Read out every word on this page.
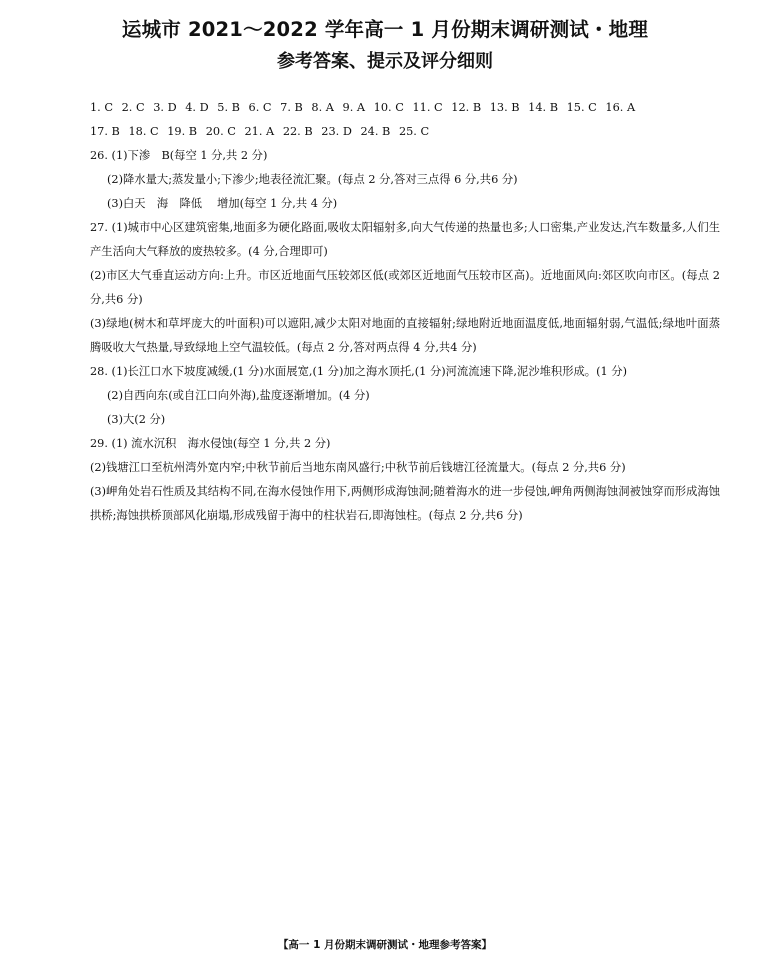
运城市 2021～2022 学年高一 1 月份期末调研测试・地理
参考答案、提示及评分细则
1. C 2. C 3. D 4. D 5. B 6. C 7. B 8. A 9. A 10. C 11. C 12. B 13. B 14. B 15. C 16. A
17. B 18. C 19. B 20. C 21. A 22. B 23. D 24. B 25. C

26. (1)下渗　B(每空 1 分,共 2 分)

(2)降水量大;蒸发量小;下渗少;地表径流汇聚。(每点 2 分,答对三点得 6 分,共6 分)

(3)白天　海　降低　 增加(每空 1 分,共 4 分)

27. (1)城市中心区建筑密集,地面多为硬化路面,吸收太阳辐射多,向大气传递的热量也多;人口密集,产业发达,汽车数量多,人们生产生活向大气释放的废热较多。(4 分,合理即可)

(2)市区大气垂直运动方向:上升。市区近地面气压较郊区低(或郊区近地面气压较市区高)。近地面风向:郊区吹向市区。(每点 2 分,共6 分)

(3)绿地(树木和草坪庞大的叶面积)可以遮阳,减少太阳对地面的直接辐射;绿地附近地面温度低,地面辐射弱,气温低;绿地叶面蒸腾吸收大气热量,导致绿地上空气温较低。(每点 2 分,答对两点得 4 分,共4 分)

28. (1)长江口水下坡度减缓,(1 分)水面展宽,(1 分)加之海水顶托,(1 分)河流流速下降,泥沙堆积形成。(1 分)

(2)自西向东(或自江口向外海),盐度逐渐增加。(4 分)

(3)大(2 分)

29. (1) 流水沉积　海水侵蚀(每空 1 分,共 2 分)

(2)钱塘江口至杭州湾外宽内窄;中秋节前后当地东南风盛行;中秋节前后钱塘江径流量大。(每点 2 分,共6 分)

(3)岬角处岩石性质及其结构不同,在海水侵蚀作用下,两侧形成海蚀洞;随着海水的进一步侵蚀,岬角两侧海蚀洞被蚀穿而形成海蚀拱桥;海蚀拱桥顶部风化崩塌,形成残留于海中的柱状岩石,即海蚀柱。(每点 2 分,共6 分)

【高一 1 月份期末调研测试・地理参考答案】
